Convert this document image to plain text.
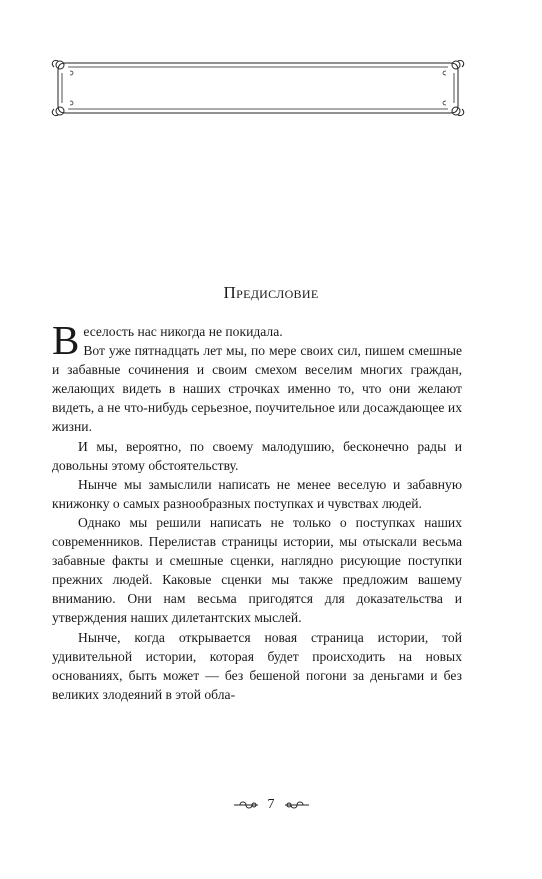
Предисловие

Веселость нас никогда не покидала.

Вот уже пятнадцать лет мы, по мере своих сил, пишем смешные и забавные сочинения и своим смехом веселим многих граждан, желающих видеть в наших строчках именно то, что они желают видеть, а не что-нибудь серьезное, поучительное или досаждающее их жизни.

И мы, вероятно, по своему малодушию, бесконечно рады и довольны этому обстоятельству.

Нынче мы замыслили написать не менее веселую и забавную книжонку о самых разнообразных поступках и чувствах людей.

Однако мы решили написать не только о поступках наших современников. Перелистав страницы истории, мы отыскали весьма забавные факты и смешные сценки, наглядно рисующие поступки прежних людей. Каковые сценки мы также предложим вашему вниманию. Они нам весьма пригодятся для доказательства и утверждения наших дилетантских мыслей.

Нынче, когда открывается новая страница истории, той удивительной истории, которая будет происходить на новых основаниях, быть может — без бешеной погони за деньгами и без великих злодеяний в этой обла-

7
